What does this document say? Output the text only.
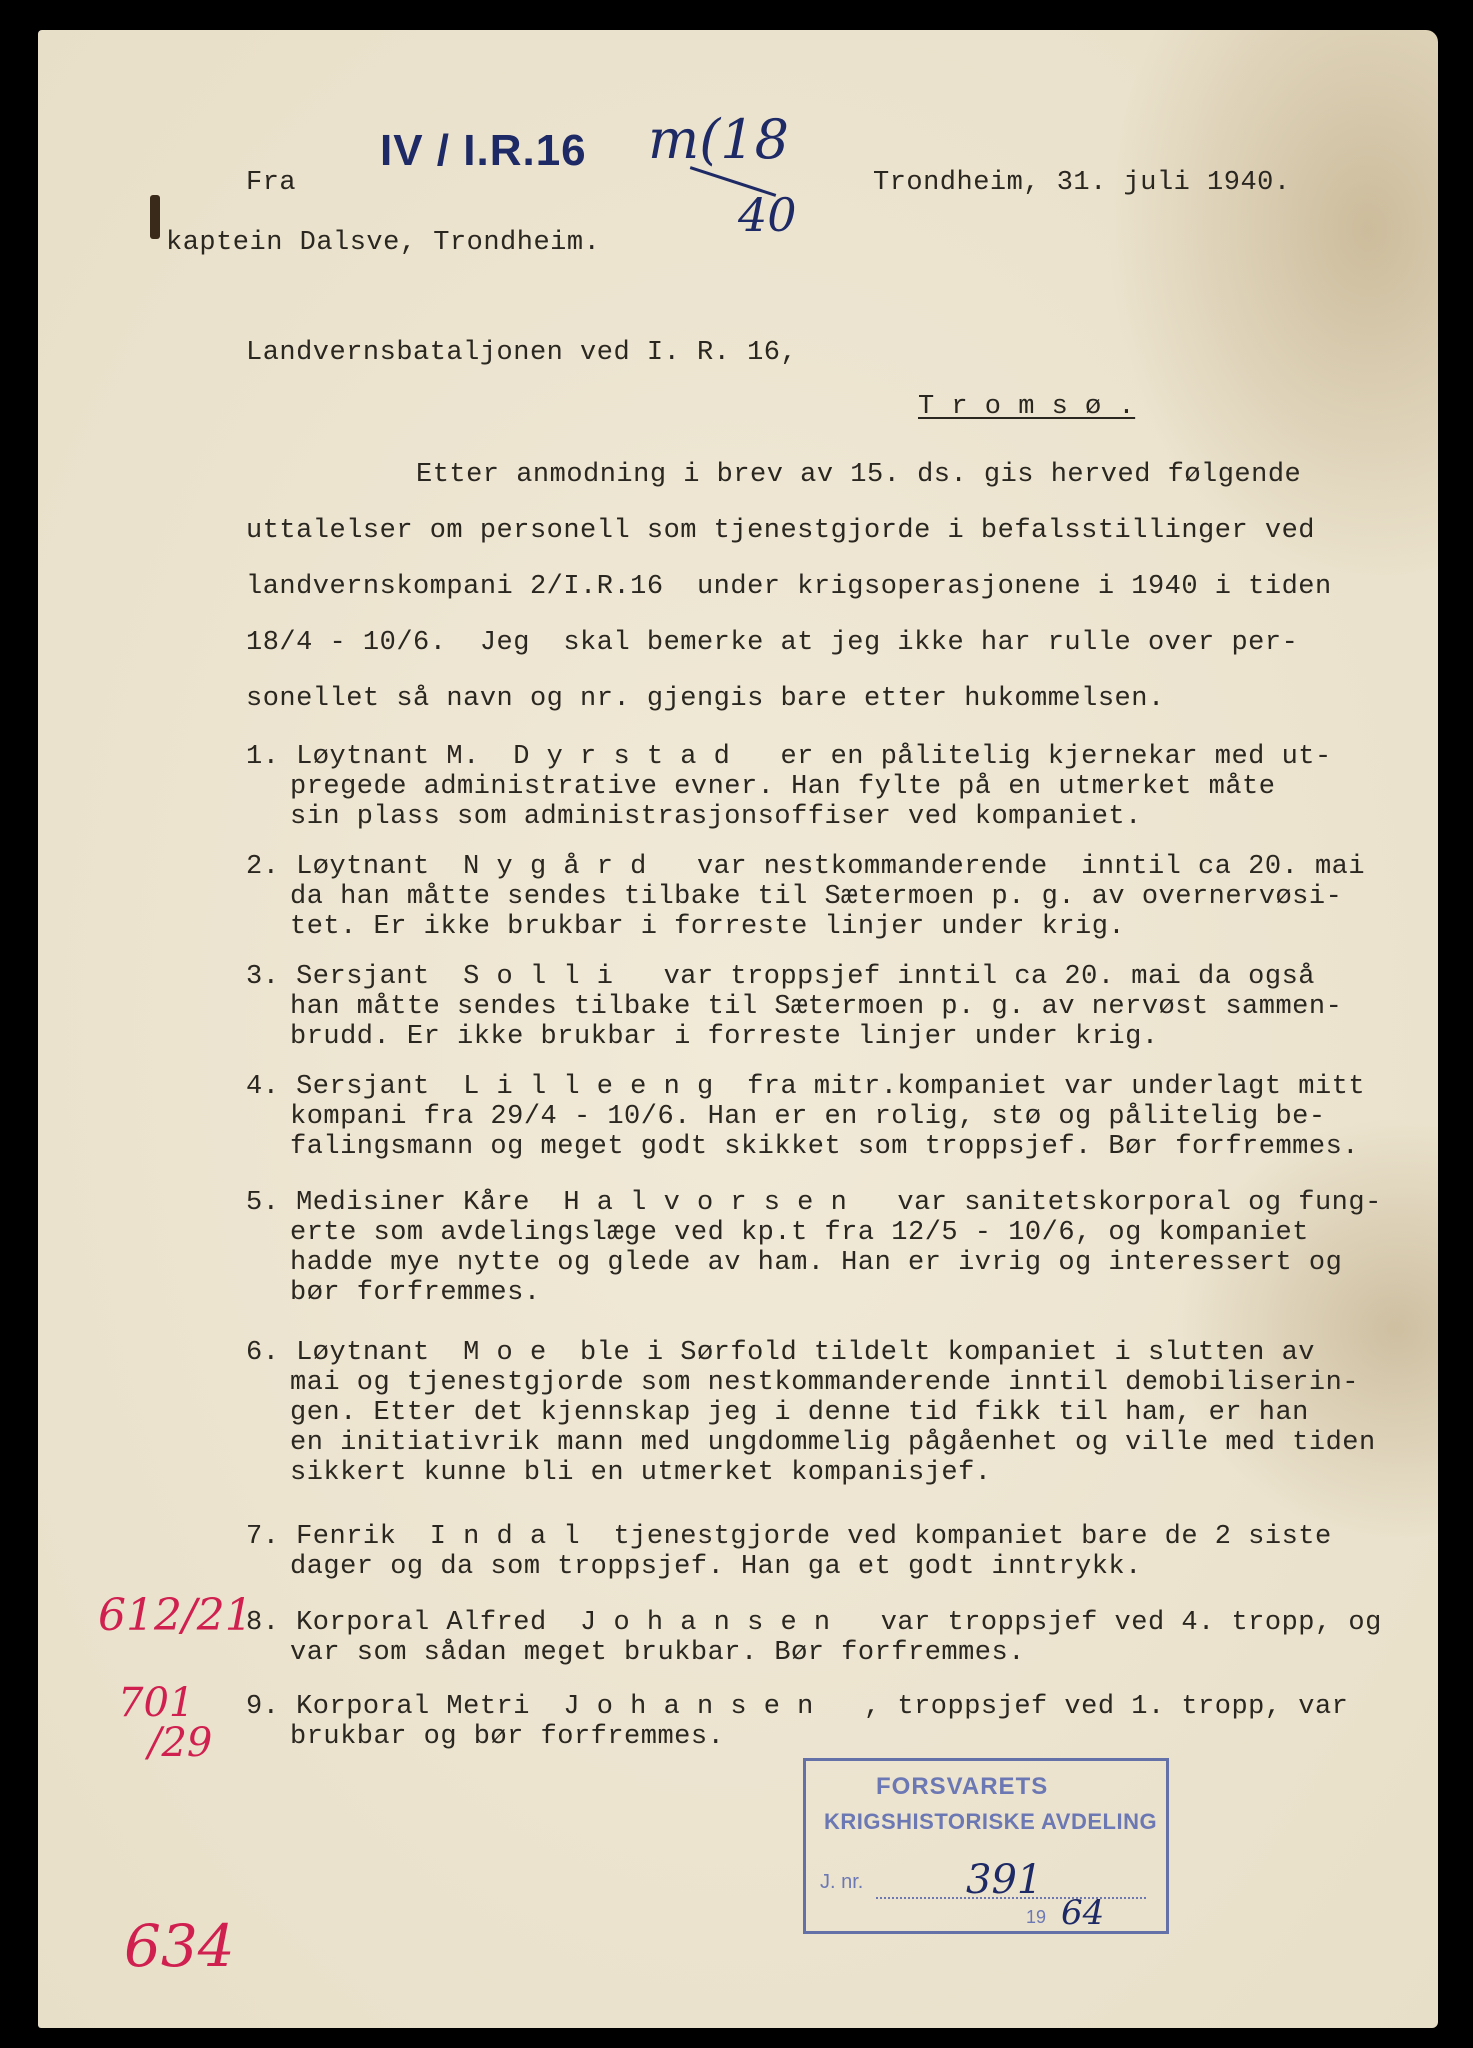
IV / I.R.16 m(18
40
Fra	Trondheim, 31. juli 1940.
kaptein Dalsve, Trondheim.
Landvernsbataljonen ved I. R. 16,
T r o m s ø .
Etter anmodning i brev av 15. ds. gis herved følgende
uttalelser om personell som tjenestgjorde i befalsstillinger ved
landvernskompani 2/I.R.16  under krigsoperasjonene i 1940 i tiden
18/4 - 10/6.  Jeg  skal bemerke at jeg ikke har rulle over per-
sonellet så navn og nr. gjengis bare etter hukommelsen.
1. Løytnant M.  D y r s t a d   er en pålitelig kjernekar med ut-
pregede administrative evner. Han fylte på en utmerket måte
sin plass som administrasjonsoffiser ved kompaniet.
2. Løytnant  N y g å r d   var nestkommanderende  inntil ca 20. mai
da han måtte sendes tilbake til Sætermoen p. g. av overnervøsi-
tet. Er ikke brukbar i forreste linjer under krig.
3. Sersjant  S o l l i   var troppsjef inntil ca 20. mai da også
han måtte sendes tilbake til Sætermoen p. g. av nervøst sammen-
brudd. Er ikke brukbar i forreste linjer under krig.
4. Sersjant  L i l l e e n g  fra mitr.kompaniet var underlagt mitt
kompani fra 29/4 - 10/6. Han er en rolig, stø og pålitelig be-
falingsmann og meget godt skikket som troppsjef. Bør forfremmes.
5. Medisiner Kåre  H a l v o r s e n   var sanitetskorporal og fung-
erte som avdelingslæge ved kp.t fra 12/5 - 10/6, og kompaniet
hadde mye nytte og glede av ham. Han er ivrig og interessert og
bør forfremmes.
6. Løytnant  M o e  ble i Sørfold tildelt kompaniet i slutten av
mai og tjenestgjorde som nestkommanderende inntil demobiliserin-
gen. Etter det kjennskap jeg i denne tid fikk til ham, er han
en initiativrik mann med ungdommelig pågåenhet og ville med tiden
sikkert kunne bli en utmerket kompanisjef.
7. Fenrik  I n d a l  tjenestgjorde ved kompaniet bare de 2 siste
dager og da som troppsjef. Han ga et godt inntrykk.
8. Korporal Alfred  J o h a n s e n   var troppsjef ved 4. tropp, og
var som sådan meget brukbar. Bør forfremmes.
9. Korporal Metri  J o h a n s e n   , troppsjef ved 1. tropp, var
brukbar og bør forfremmes.
612/21
701
/29
634
FORSVARETS
KRIGSHISTORISKE AVDELING
J. nr.	391
19 64
